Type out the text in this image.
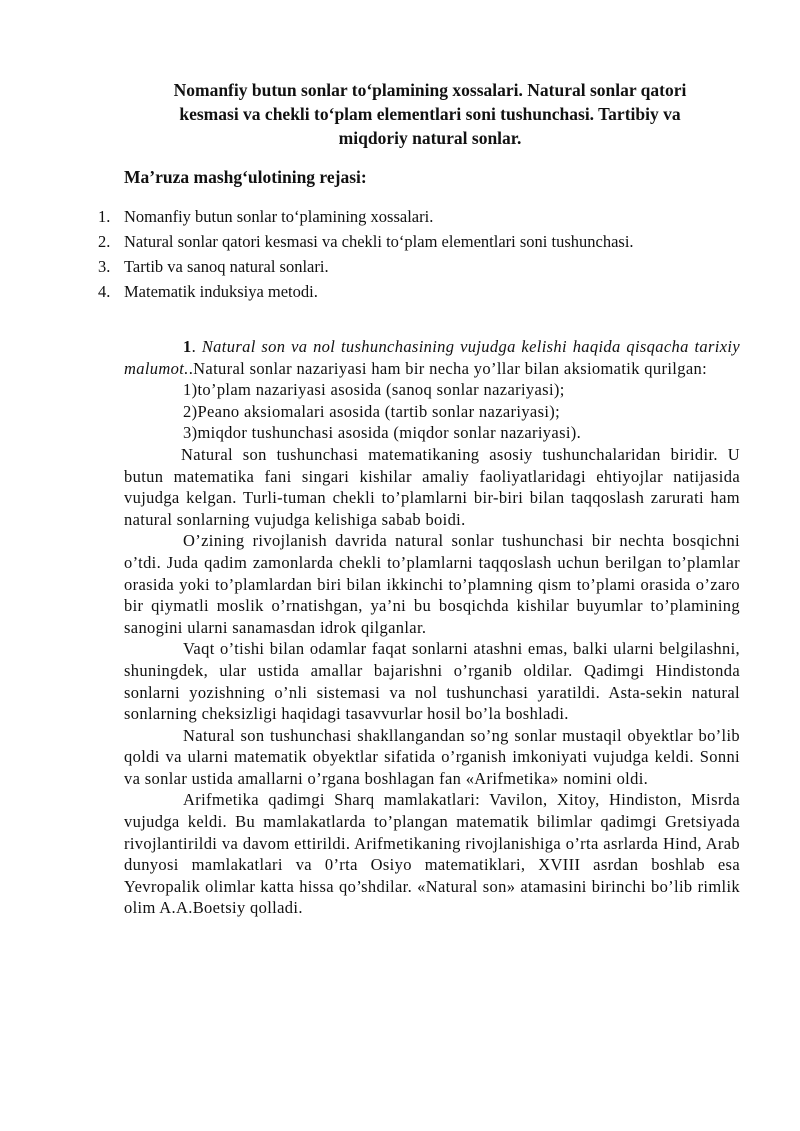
Nomanfiy butun sonlar to‘plamining xossalari. Natural sonlar qatori
kesmasi va chekli to‘plam elementlari soni tushunchasi. Tartibiy va
miqdoriy natural sonlar.
Ma’ruza mashg‘ulotining rejasi:
1. Nomanfiy butun sonlar to‘plamining xossalari.
2. Natural sonlar qatori kesmasi va chekli to‘plam elementlari soni tushunchasi.
3. Tartib va sanoq natural sonlari.
4. Matematik induksiya metodi.

1. Natural son va nol tushunchasining vujudga kelishi haqida qisqacha tarixiy malumot..Natural sonlar nazariyasi ham bir necha yo’llar bilan aksiomatik qurilgan:

1)to’plam nazariyasi asosida (sanoq sonlar nazariyasi);

2)Peano aksiomalari asosida (tartib sonlar nazariyasi);

3)miqdor tushunchasi asosida (miqdor sonlar nazariyasi).

Natural son tushunchasi matematikaning asosiy tushunchalaridan biridir. U butun matematika fani singari kishilar amaliy faoliyatlaridagi ehtiyojlar natijasida vujudga kelgan. Turli-tuman chekli to’plamlarni bir-biri bilan taqqoslash zarurati ham natural sonlarning vujudga kelishiga sabab boidi.

O’zining rivojlanish davrida natural sonlar tushunchasi bir nechta bosqichni o’tdi. Juda qadim zamonlarda chekli to’plamlarni taqqoslash uchun berilgan to’plamlar orasida yoki to’plamlardan biri bilan ikkinchi to’plamning qism to’plami orasida o’zaro bir qiymatli moslik o’rnatishgan, ya’ni bu bosqichda kishilar buyumlar to’plamining sanogini ularni sanamasdan idrok qilganlar.

Vaqt o’tishi bilan odamlar faqat sonlarni atashni emas, balki ularni belgilashni, shuningdek, ular ustida amallar bajarishni o’rganib oldilar. Qadimgi Hindistonda sonlarni yozishning o’nli sistemasi va nol tushunchasi yaratildi. Asta-sekin natural sonlarning cheksizligi haqidagi tasavvurlar hosil bo’la boshladi.

Natural son tushunchasi shakllangandan so’ng sonlar mustaqil obyektlar bo’lib qoldi va ularni matematik obyektlar sifatida o’rganish imkoniyati vujudga keldi. Sonni va sonlar ustida amallarni o’rgana boshlagan fan «Arifmetika» nomini oldi.

Arifmetika qadimgi Sharq mamlakatlari: Vavilon, Xitoy, Hindiston, Misrda vujudga keldi. Bu mamlakatlarda to’plangan matematik bilimlar qadimgi Gretsiyada rivojlantirildi va davom ettirildi. Arifmetikaning rivojlanishiga o’rta asrlarda Hind, Arab dunyosi mamlakatlari va 0’rta Osiyo matematiklari, XVIII asrdan boshlab esa Yevropalik olimlar katta hissa qo’shdilar. «Natural son» atamasini birinchi bo’lib rimlik olim A.A.Boetsiy qolladi.
